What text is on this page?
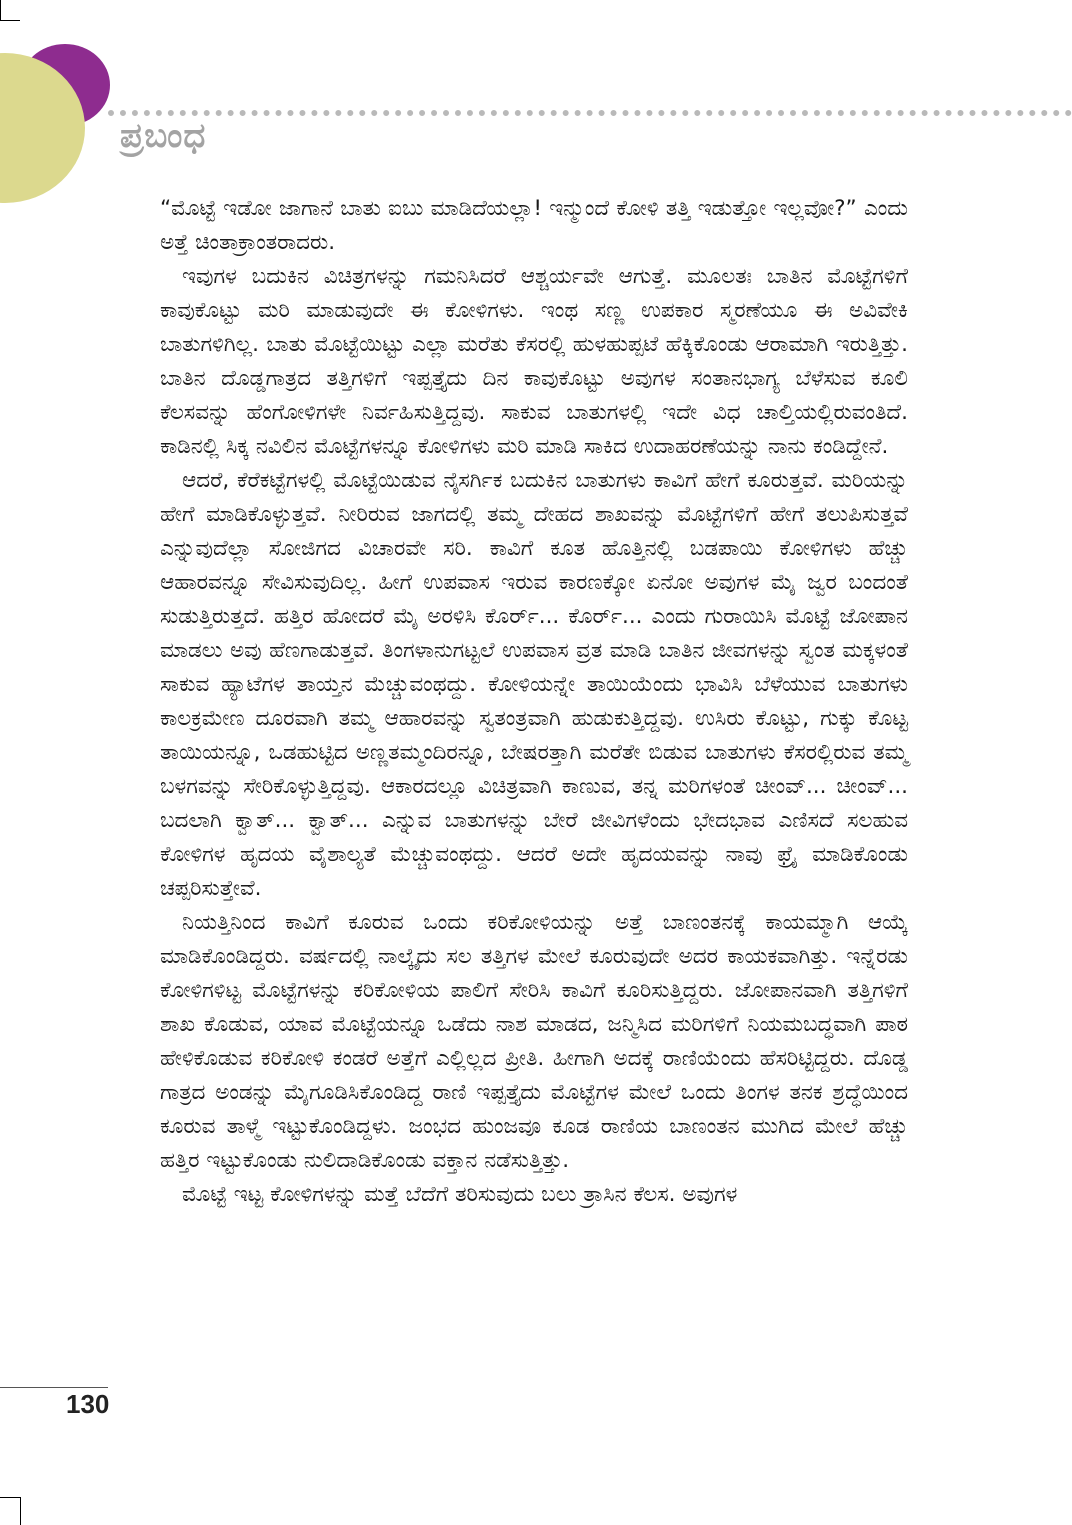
ಪ್ರಬಂಧ

“ಮೊಟ್ಟೆ ಇಡೋ ಜಾಗಾನೆ ಬಾತು ಐಬು ಮಾಡಿದೆಯಲ್ಲಾ! ಇನ್ಮುಂದೆ ಕೋಳಿ ತತ್ತಿ ಇಡುತ್ತೋ ಇಲ್ಲವೋ?” ಎಂದು ಅತ್ತೆ ಚಿಂತಾಕ್ರಾಂತರಾದರು.

ಇವುಗಳ ಬದುಕಿನ ವಿಚಿತ್ರಗಳನ್ನು ಗಮನಿಸಿದರೆ ಆಶ್ಚರ್ಯವೇ ಆಗುತ್ತೆ. ಮೂಲತಃ ಬಾತಿನ ಮೊಟ್ಟೆಗಳಿಗೆ ಕಾವುಕೊಟ್ಟು ಮರಿ ಮಾಡುವುದೇ ಈ ಕೋಳಿಗಳು. ಇಂಥ ಸಣ್ಣ ಉಪಕಾರ ಸ್ಮರಣೆಯೂ ಈ ಅವಿವೇಕಿ ಬಾತುಗಳಿಗಿಲ್ಲ. ಬಾತು ಮೊಟ್ಟೆಯಿಟ್ಟು ಎಲ್ಲಾ ಮರೆತು ಕೆಸರಲ್ಲಿ ಹುಳಹುಪ್ಪಟೆ ಹೆಕ್ಕಿಕೊಂಡು ಆರಾಮಾಗಿ ಇರುತ್ತಿತ್ತು. ಬಾತಿನ ದೊಡ್ಡಗಾತ್ರದ ತತ್ತಿಗಳಿಗೆ ಇಪ್ಪತ್ತೈದು ದಿನ ಕಾವುಕೊಟ್ಟು ಅವುಗಳ ಸಂತಾನಭಾಗ್ಯ ಬೆಳೆಸುವ ಕೂಲಿ ಕೆಲಸವನ್ನು ಹೆಂಗೋಳಿಗಳೇ ನಿರ್ವಹಿಸುತ್ತಿದ್ದವು. ಸಾಕುವ ಬಾತುಗಳಲ್ಲಿ ಇದೇ ವಿಧ ಚಾಲ್ತಿಯಲ್ಲಿರುವಂತಿದೆ. ಕಾಡಿನಲ್ಲಿ ಸಿಕ್ಕ ನವಿಲಿನ ಮೊಟ್ಟೆಗಳನ್ನೂ ಕೋಳಿಗಳು ಮರಿ ಮಾಡಿ ಸಾಕಿದ ಉದಾಹರಣೆಯನ್ನು ನಾನು ಕಂಡಿದ್ದೇನೆ.

ಆದರೆ, ಕೆರೆಕಟ್ಟೆಗಳಲ್ಲಿ ಮೊಟ್ಟೆಯಿಡುವ ನೈಸರ್ಗಿಕ ಬದುಕಿನ ಬಾತುಗಳು ಕಾವಿಗೆ ಹೇಗೆ ಕೂರುತ್ತವೆ. ಮರಿಯನ್ನು ಹೇಗೆ ಮಾಡಿಕೊಳ್ಳುತ್ತವೆ. ನೀರಿರುವ ಜಾಗದಲ್ಲಿ ತಮ್ಮ ದೇಹದ ಶಾಖವನ್ನು ಮೊಟ್ಟೆಗಳಿಗೆ ಹೇಗೆ ತಲುಪಿಸುತ್ತವೆ ಎನ್ನುವುದೆಲ್ಲಾ ಸೋಜಿಗದ ವಿಚಾರವೇ ಸರಿ. ಕಾವಿಗೆ ಕೂತ ಹೊತ್ತಿನಲ್ಲಿ ಬಡಪಾಯಿ ಕೋಳಿಗಳು ಹೆಚ್ಚು ಆಹಾರವನ್ನೂ ಸೇವಿಸುವುದಿಲ್ಲ. ಹೀಗೆ ಉಪವಾಸ ಇರುವ ಕಾರಣಕ್ಕೋ ಏನೋ ಅವುಗಳ ಮೈ ಜ್ವರ ಬಂದಂತೆ ಸುಡುತ್ತಿರುತ್ತದೆ. ಹತ್ತಿರ ಹೋದರೆ ಮೈ ಅರಳಿಸಿ ಕೊರ್ರ್... ಕೊರ್ರ್... ಎಂದು ಗುರಾಯಿಸಿ ಮೊಟ್ಟೆ ಜೋಪಾನ ಮಾಡಲು ಅವು ಹೆಣಗಾಡುತ್ತವೆ. ತಿಂಗಳಾನುಗಟ್ಟಲೆ ಉಪವಾಸ ವ್ರತ ಮಾಡಿ ಬಾತಿನ ಜೀವಗಳನ್ನು ಸ್ವಂತ ಮಕ್ಕಳಂತೆ ಸಾಕುವ ಹ್ಯಾಟೆಗಳ ತಾಯ್ತನ ಮೆಚ್ಚುವಂಥದ್ದು. ಕೋಳಿಯನ್ನೇ ತಾಯಿಯೆಂದು ಭಾವಿಸಿ ಬೆಳೆಯುವ ಬಾತುಗಳು ಕಾಲಕ್ರಮೇಣ ದೂರವಾಗಿ ತಮ್ಮ ಆಹಾರವನ್ನು ಸ್ವತಂತ್ರವಾಗಿ ಹುಡುಕುತ್ತಿದ್ದವು. ಉಸಿರು ಕೊಟ್ಟು, ಗುಕ್ಕು ಕೊಟ್ಟ ತಾಯಿಯನ್ನೂ, ಒಡಹುಟ್ಟಿದ ಅಣ್ಣತಮ್ಮಂದಿರನ್ನೂ, ಬೇಷರತ್ತಾಗಿ ಮರೆತೇ ಬಿಡುವ ಬಾತುಗಳು ಕೆಸರಲ್ಲಿರುವ ತಮ್ಮ ಬಳಗವನ್ನು ಸೇರಿಕೊಳ್ಳುತ್ತಿದ್ದವು. ಆಕಾರದಲ್ಲೂ ವಿಚಿತ್ರವಾಗಿ ಕಾಣುವ, ತನ್ನ ಮರಿಗಳಂತೆ ಚೀಂವ್... ಚೀಂವ್... ಬದಲಾಗಿ ಕ್ವಾತ್... ಕ್ವಾತ್... ಎನ್ನುವ ಬಾತುಗಳನ್ನು ಬೇರೆ ಜೀವಿಗಳೆಂದು ಭೇದಭಾವ ಎಣಿಸದೆ ಸಲಹುವ ಕೋಳಿಗಳ ಹೃದಯ ವೈಶಾಲ್ಯತೆ ಮೆಚ್ಚುವಂಥದ್ದು. ಆದರೆ ಅದೇ ಹೃದಯವನ್ನು ನಾವು ಫ್ರೈ ಮಾಡಿಕೊಂಡು ಚಪ್ಪರಿಸುತ್ತೇವೆ.

ನಿಯತ್ತಿನಿಂದ ಕಾವಿಗೆ ಕೂರುವ ಒಂದು ಕರಿಕೋಳಿಯನ್ನು ಅತ್ತೆ ಬಾಣಂತನಕ್ಕೆ ಕಾಯಮ್ಮಾಗಿ ಆಯ್ಕೆ ಮಾಡಿಕೊಂಡಿದ್ದರು. ವರ್ಷದಲ್ಲಿ ನಾಲ್ಕೈದು ಸಲ ತತ್ತಿಗಳ ಮೇಲೆ ಕೂರುವುದೇ ಅದರ ಕಾಯಕವಾಗಿತ್ತು. ಇನ್ನೆರಡು ಕೋಳಿಗಳಿಟ್ಟ ಮೊಟ್ಟೆಗಳನ್ನು ಕರಿಕೋಳಿಯ ಪಾಲಿಗೆ ಸೇರಿಸಿ ಕಾವಿಗೆ ಕೂರಿಸುತ್ತಿದ್ದರು. ಜೋಪಾನವಾಗಿ ತತ್ತಿಗಳಿಗೆ ಶಾಖ ಕೊಡುವ, ಯಾವ ಮೊಟ್ಟೆಯನ್ನೂ ಒಡೆದು ನಾಶ ಮಾಡದ, ಜನ್ಮಿಸಿದ ಮರಿಗಳಿಗೆ ನಿಯಮಬದ್ಧವಾಗಿ ಪಾಠ ಹೇಳಿಕೊಡುವ ಕರಿಕೋಳಿ ಕಂಡರೆ ಅತ್ತೆಗೆ ಎಲ್ಲಿಲ್ಲದ ಪ್ರೀತಿ. ಹೀಗಾಗಿ ಅದಕ್ಕೆ ರಾಣಿಯೆಂದು ಹೆಸರಿಟ್ಟಿದ್ದರು. ದೊಡ್ಡ ಗಾತ್ರದ ಅಂಡನ್ನು ಮೈಗೂಡಿಸಿಕೊಂಡಿದ್ದ ರಾಣಿ ಇಪ್ಪತ್ತೈದು ಮೊಟ್ಟೆಗಳ ಮೇಲೆ ಒಂದು ತಿಂಗಳ ತನಕ ಶ್ರದ್ಧೆಯಿಂದ ಕೂರುವ ತಾಳ್ಮೆ ಇಟ್ಟುಕೊಂಡಿದ್ದಳು. ಜಂಭದ ಹುಂಜವೂ ಕೂಡ ರಾಣಿಯ ಬಾಣಂತನ ಮುಗಿದ ಮೇಲೆ ಹೆಚ್ಚು ಹತ್ತಿರ ಇಟ್ಟುಕೊಂಡು ನುಲಿದಾಡಿಕೊಂಡು ವಕ್ತಾನ ನಡೆಸುತ್ತಿತ್ತು.

ಮೊಟ್ಟೆ ಇಟ್ಟ ಕೋಳಿಗಳನ್ನು ಮತ್ತೆ ಬೆದೆಗೆ ತರಿಸುವುದು ಬಲು ತ್ರಾಸಿನ ಕೆಲಸ. ಅವುಗಳ

130
